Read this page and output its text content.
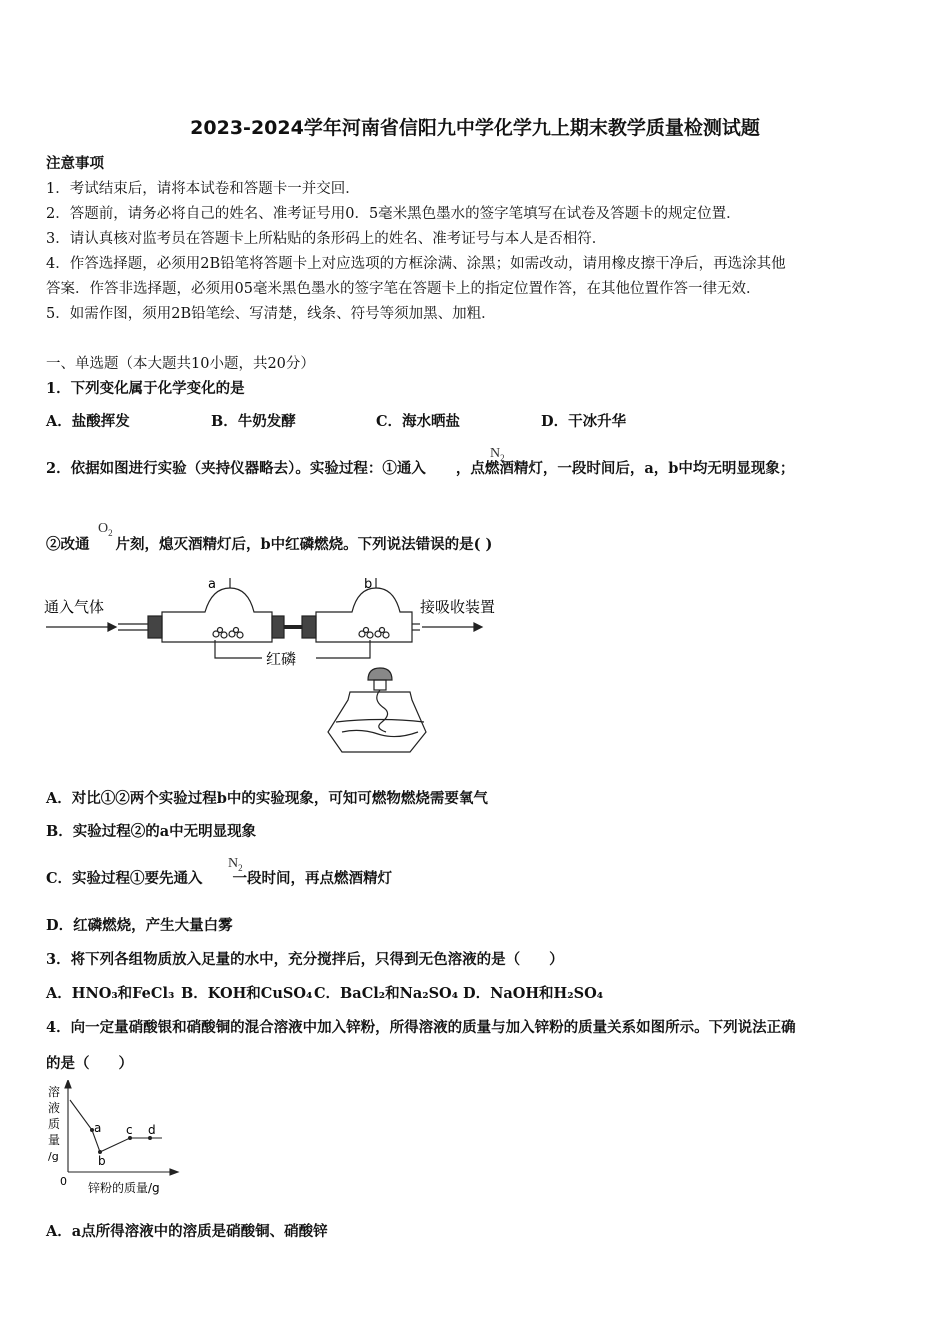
2023-2024学年河南省信阳九中学化学九上期末教学质量检测试题
注意事项
1．考试结束后，请将本试卷和答题卡一并交回．
2．答题前，请务必将自己的姓名、准考证号用0．5毫米黑色墨水的签字笔填写在试卷及答题卡的规定位置．
3．请认真核对监考员在答题卡上所粘贴的条形码上的姓名、准考证号与本人是否相符．
4．作答选择题，必须用2B铅笔将答题卡上对应选项的方框涂满、涂黑；如需改动，请用橡皮擦干净后，再选涂其他
答案．作答非选择题，必须用05毫米黑色墨水的签字笔在答题卡上的指定位置作答，在其他位置作答一律无效．
5．如需作图，须用2B铅笔绘、写清楚，线条、符号等须加黑、加粗．
一、单选题（本大题共10小题，共20分）
1．下列变化属于化学变化的是
A．盐酸挥发	B．牛奶发酵	C．海水晒盐	D．干冰升华
2．依据如图进行实验（夹持仪器略去）。实验过程：①通入 ，点燃酒精灯，一段时间后，a，b中均无明显现象；
$N_2$
②改通 片刻，熄灭酒精灯后，b中红磷燃烧。下列说法错误的是( )
$O_2$
通入气体	接吸收装置
a	b
红磷
A．对比①②两个实验过程b中的实验现象，可知可燃物燃烧需要氧气
B．实验过程②的a中无明显现象
C．实验过程①要先通入 一段时间，再点燃酒精灯
$N_2$
D．红磷燃烧，产生大量白雾
3．将下列各组物质放入足量的水中，充分搅拌后，只得到无色溶液的是（　　）
A．HNO₃和FeCl₃ B．KOH和CuSO₄ C．BaCl₂和Na₂SO₄ D．NaOH和H₂SO₄
4．向一定量硝酸银和硝酸铜的混合溶液中加入锌粉，所得溶液的质量与加入锌粉的质量关系如图所示。下列说法正确
的是（　　）
a
b
c d
溶
液
质
量
/g
0 锌粉的质量/g
A．a点所得溶液中的溶质是硝酸铜、硝酸锌
